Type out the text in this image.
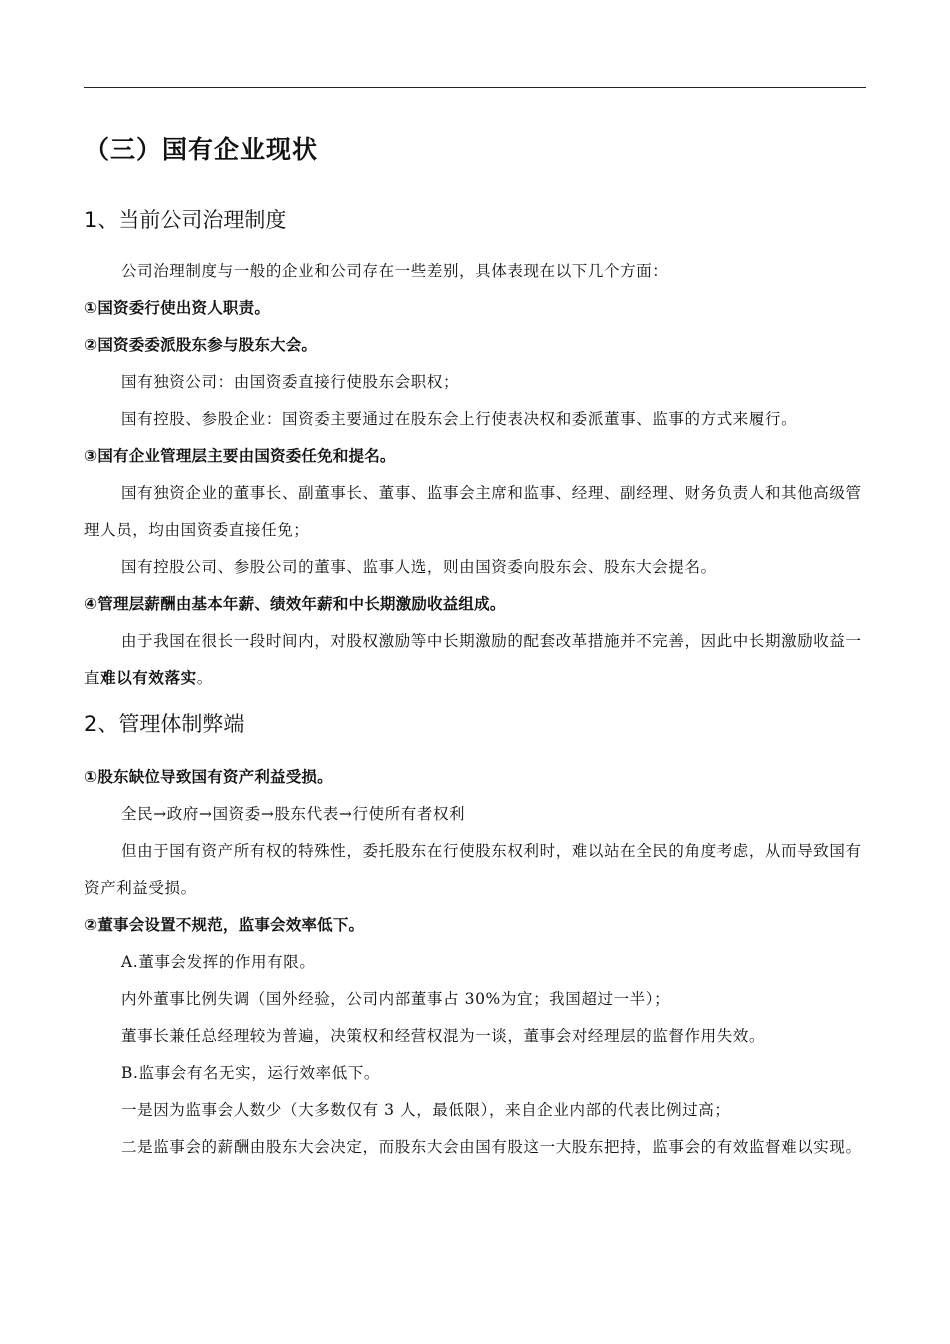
（三）国有企业现状
1、当前公司治理制度

公司治理制度与一般的企业和公司存在一些差别，具体表现在以下几个方面：

①国资委行使出资人职责。

②国资委委派股东参与股东大会。

国有独资公司：由国资委直接行使股东会职权；

国有控股、参股企业：国资委主要通过在股东会上行使表决权和委派董事、监事的方式来履行。

③国有企业管理层主要由国资委任免和提名。

国有独资企业的董事长、副董事长、董事、监事会主席和监事、经理、副经理、财务负责人和其他高级管理人员，均由国资委直接任免；

国有控股公司、参股公司的董事、监事人选，则由国资委向股东会、股东大会提名。

④管理层薪酬由基本年薪、绩效年薪和中长期激励收益组成。

由于我国在很长一段时间内，对股权激励等中长期激励的配套改革措施并不完善，因此中长期激励收益一直难以有效落实。

2、管理体制弊端

①股东缺位导致国有资产利益受损。

全民→政府→国资委→股东代表→行使所有者权利

但由于国有资产所有权的特殊性，委托股东在行使股东权利时，难以站在全民的角度考虑，从而导致国有资产利益受损。

②董事会设置不规范，监事会效率低下。

A.董事会发挥的作用有限。

内外董事比例失调（国外经验，公司内部董事占 30%为宜；我国超过一半）；

董事长兼任总经理较为普遍，决策权和经营权混为一谈，董事会对经理层的监督作用失效。

B.监事会有名无实，运行效率低下。

一是因为监事会人数少（大多数仅有 3 人，最低限），来自企业内部的代表比例过高；

二是监事会的薪酬由股东大会决定，而股东大会由国有股这一大股东把持，监事会的有效监督难以实现。
